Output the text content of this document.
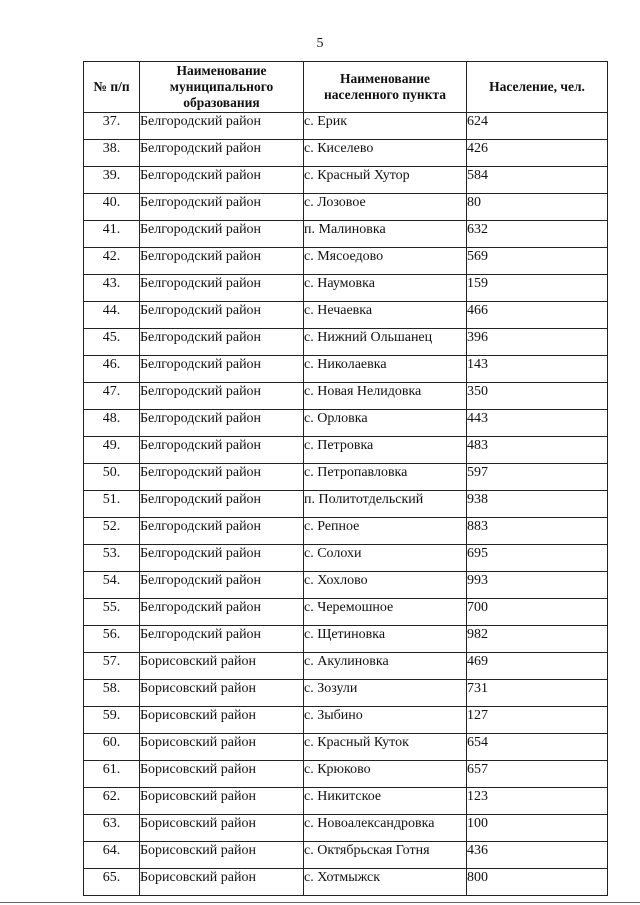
5
№ п/п	Наименование муниципального образования	Наименование населенного пункта	Население, чел.
37.	Белгородский район	с. Ерик	624
38.	Белгородский район	с. Киселево	426
39.	Белгородский район	с. Красный Хутор	584
40.	Белгородский район	с. Лозовое	80
41.	Белгородский район	п. Малиновка	632
42.	Белгородский район	с. Мясоедово	569
43.	Белгородский район	с. Наумовка	159
44.	Белгородский район	с. Нечаевка	466
45.	Белгородский район	с. Нижний Ольшанец	396
46.	Белгородский район	с. Николаевка	143
47.	Белгородский район	с. Новая Нелидовка	350
48.	Белгородский район	с. Орловка	443
49.	Белгородский район	с. Петровка	483
50.	Белгородский район	с. Петропавловка	597
51.	Белгородский район	п. Политотдельский	938
52.	Белгородский район	с. Репное	883
53.	Белгородский район	с. Солохи	695
54.	Белгородский район	с. Хохлово	993
55.	Белгородский район	с. Черемошное	700
56.	Белгородский район	с. Щетиновка	982
57.	Борисовский район	с. Акулиновка	469
58.	Борисовский район	с. Зозули	731
59.	Борисовский район	с. Зыбино	127
60.	Борисовский район	с. Красный Куток	654
61.	Борисовский район	с. Крюково	657
62.	Борисовский район	с. Никитское	123
63.	Борисовский район	с. Новоалександровка	100
64.	Борисовский район	с. Октябрьская Готня	436
65.	Борисовский район	с. Хотмыжск	800
